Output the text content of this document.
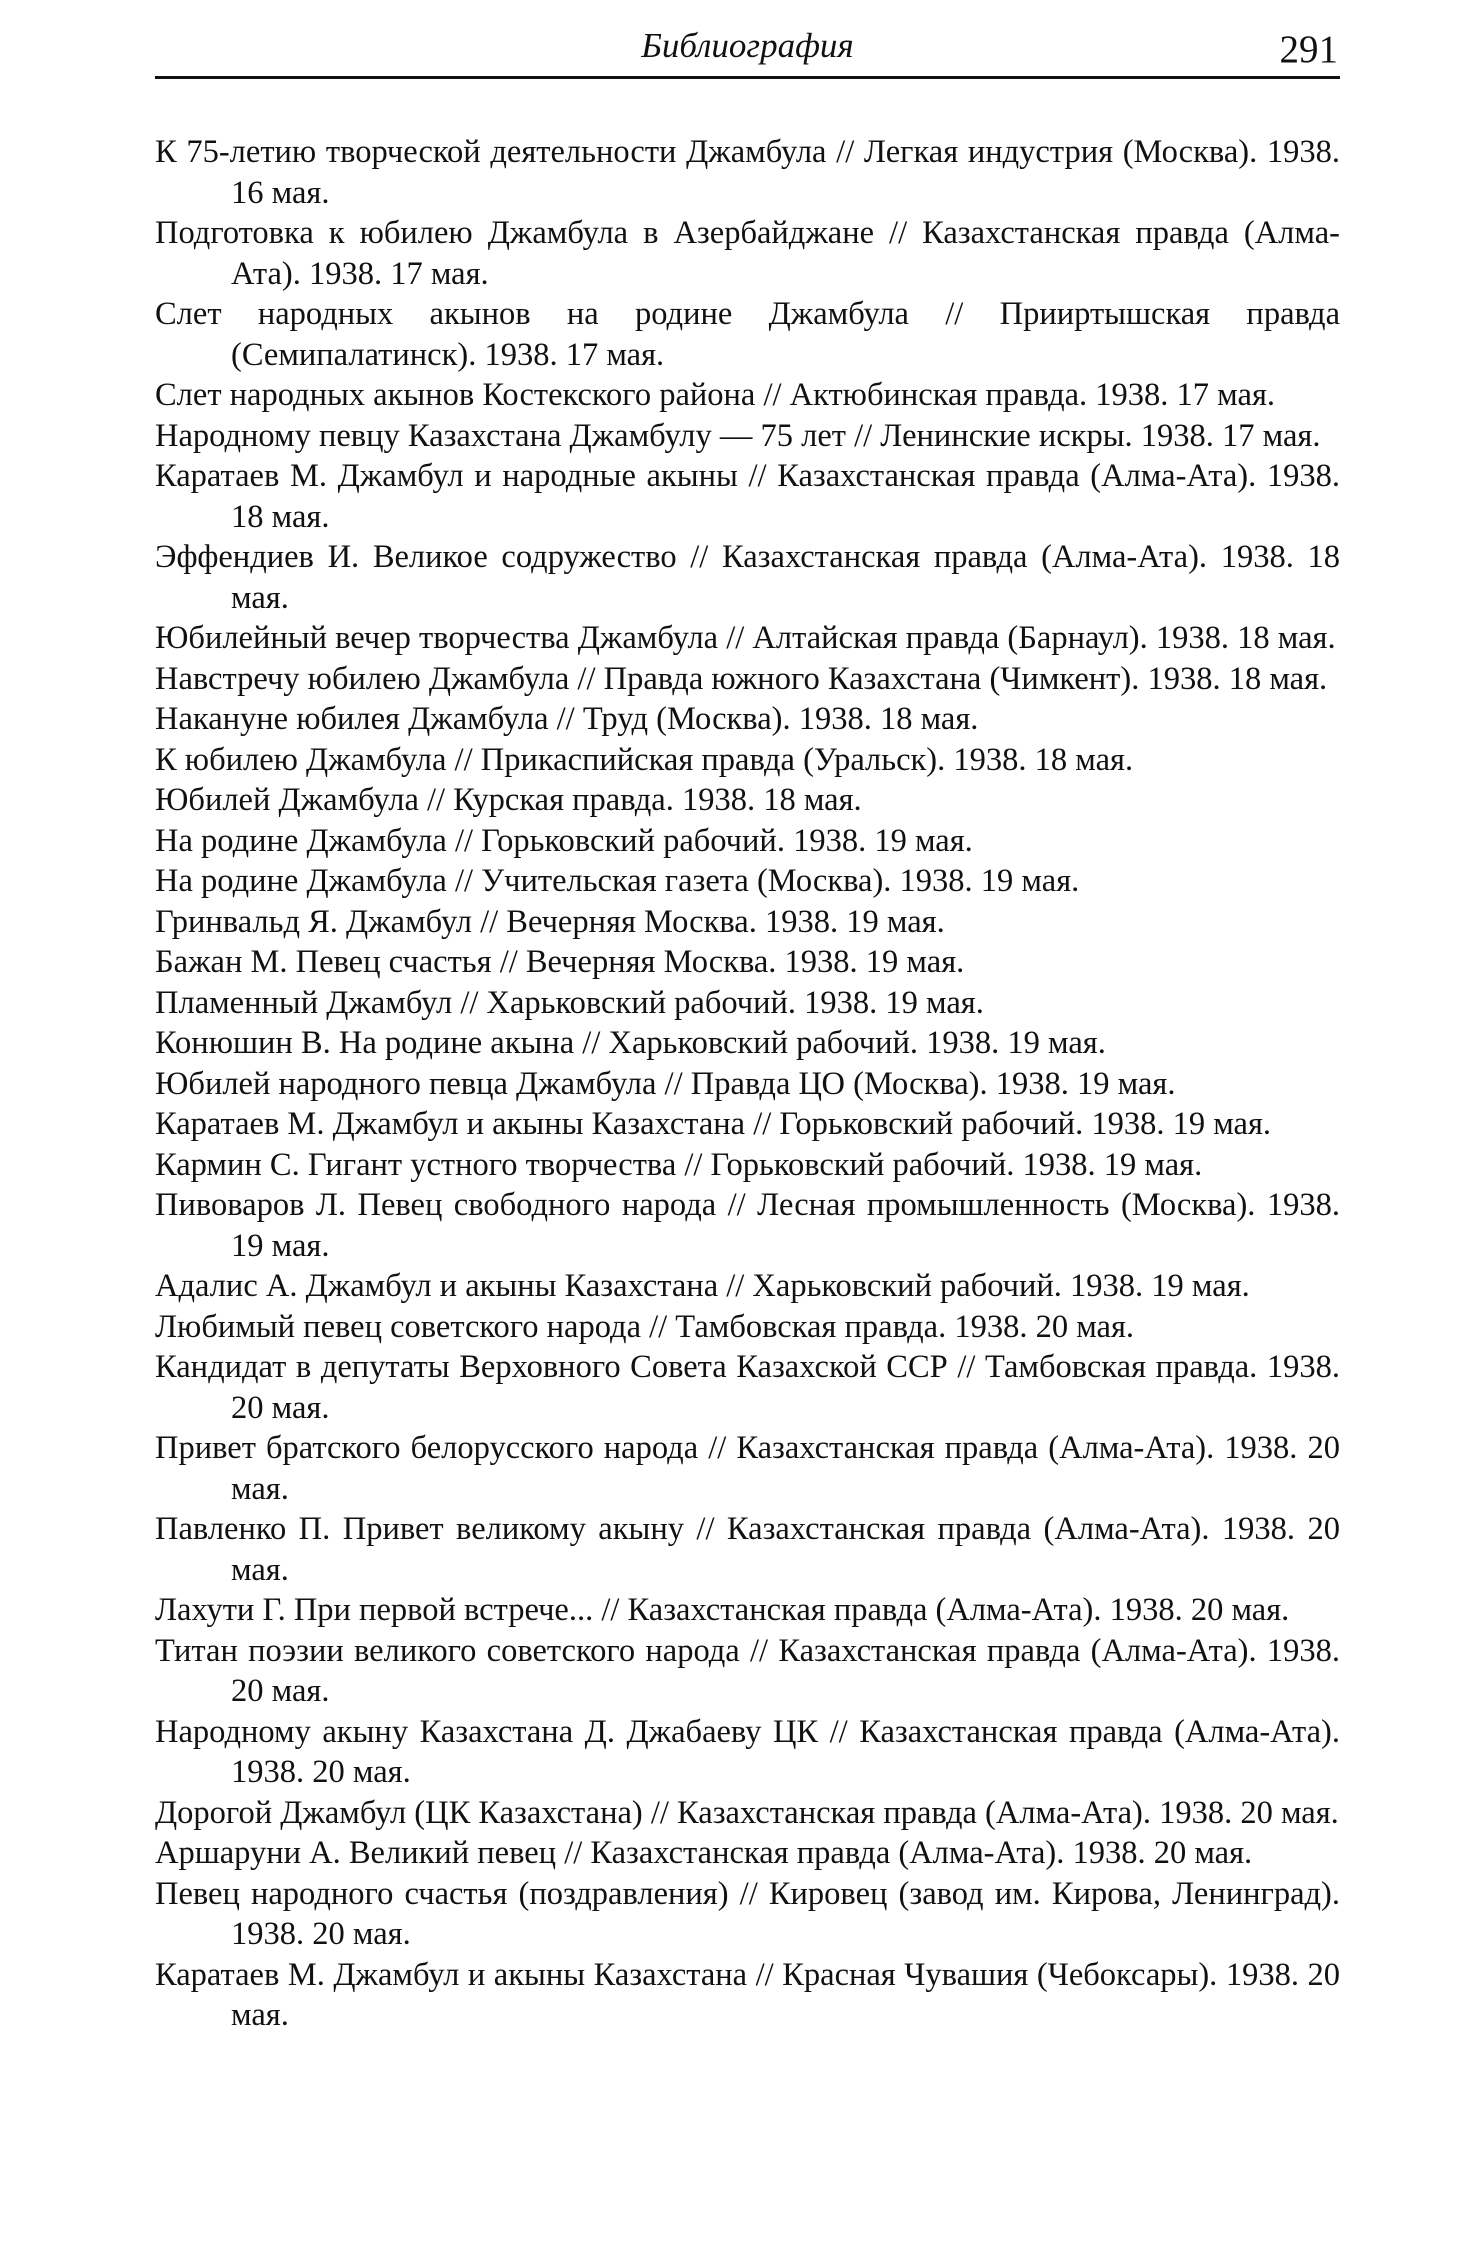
Библиография	291
К 75-летию творческой деятельности Джамбула // Легкая индустрия (Москва). 1938. 16 мая.
Подготовка к юбилею Джамбула в Азербайджане // Казахстанская правда (Алма-Ата). 1938. 17 мая.
Слет народных акынов на родине Джамбула // Прииртышская правда (Семипалатинск). 1938. 17 мая.
Слет народных акынов Костекского района // Актюбинская правда. 1938. 17 мая.
Народному певцу Казахстана Джамбулу — 75 лет // Ленинские искры. 1938. 17 мая.
Каратаев М. Джамбул и народные акыны // Казахстанская правда (Алма-Ата). 1938. 18 мая.
Эффендиев И. Великое содружество // Казахстанская правда (Алма-Ата). 1938. 18 мая.
Юбилейный вечер творчества Джамбула // Алтайская правда (Барнаул). 1938. 18 мая.
Навстречу юбилею Джамбула // Правда южного Казахстана (Чимкент). 1938. 18 мая.
Накануне юбилея Джамбула // Труд (Москва). 1938. 18 мая.
К юбилею Джамбула // Прикаспийская правда (Уральск). 1938. 18 мая.
Юбилей Джамбула // Курская правда. 1938. 18 мая.
На родине Джамбула // Горьковский рабочий. 1938. 19 мая.
На родине Джамбула // Учительская газета (Москва). 1938. 19 мая.
Гринвальд Я. Джамбул // Вечерняя Москва. 1938. 19 мая.
Бажан М. Певец счастья // Вечерняя Москва. 1938. 19 мая.
Пламенный Джамбул // Харьковский рабочий. 1938. 19 мая.
Конюшин В. На родине акына // Харьковский рабочий. 1938. 19 мая.
Юбилей народного певца Джамбула // Правда ЦО (Москва). 1938. 19 мая.
Каратаев М. Джамбул и акыны Казахстана // Горьковский рабочий. 1938. 19 мая.
Кармин С. Гигант устного творчества // Горьковский рабочий. 1938. 19 мая.
Пивоваров Л. Певец свободного народа // Лесная промышленность (Москва). 1938. 19 мая.
Адалис А. Джамбул и акыны Казахстана // Харьковский рабочий. 1938. 19 мая.
Любимый певец советского народа // Тамбовская правда. 1938. 20 мая.
Кандидат в депутаты Верховного Совета Казахской ССР // Тамбовская правда. 1938. 20 мая.
Привет братского белорусского народа // Казахстанская правда (Алма-Ата). 1938. 20 мая.
Павленко П. Привет великому акыну // Казахстанская правда (Алма-Ата). 1938. 20 мая.
Лахути Г. При первой встрече... // Казахстанская правда (Алма-Ата). 1938. 20 мая.
Титан поэзии великого советского народа // Казахстанская правда (Алма-Ата). 1938. 20 мая.
Народному акыну Казахстана Д. Джабаеву ЦК // Казахстанская правда (Алма-Ата). 1938. 20 мая.
Дорогой Джамбул (ЦК Казахстана) // Казахстанская правда (Алма-Ата). 1938. 20 мая.
Аршаруни А. Великий певец // Казахстанская правда (Алма-Ата). 1938. 20 мая.
Певец народного счастья (поздравления) // Кировец (завод им. Кирова, Ленинград). 1938. 20 мая.
Каратаев М. Джамбул и акыны Казахстана // Красная Чувашия (Чебоксары). 1938. 20 мая.
